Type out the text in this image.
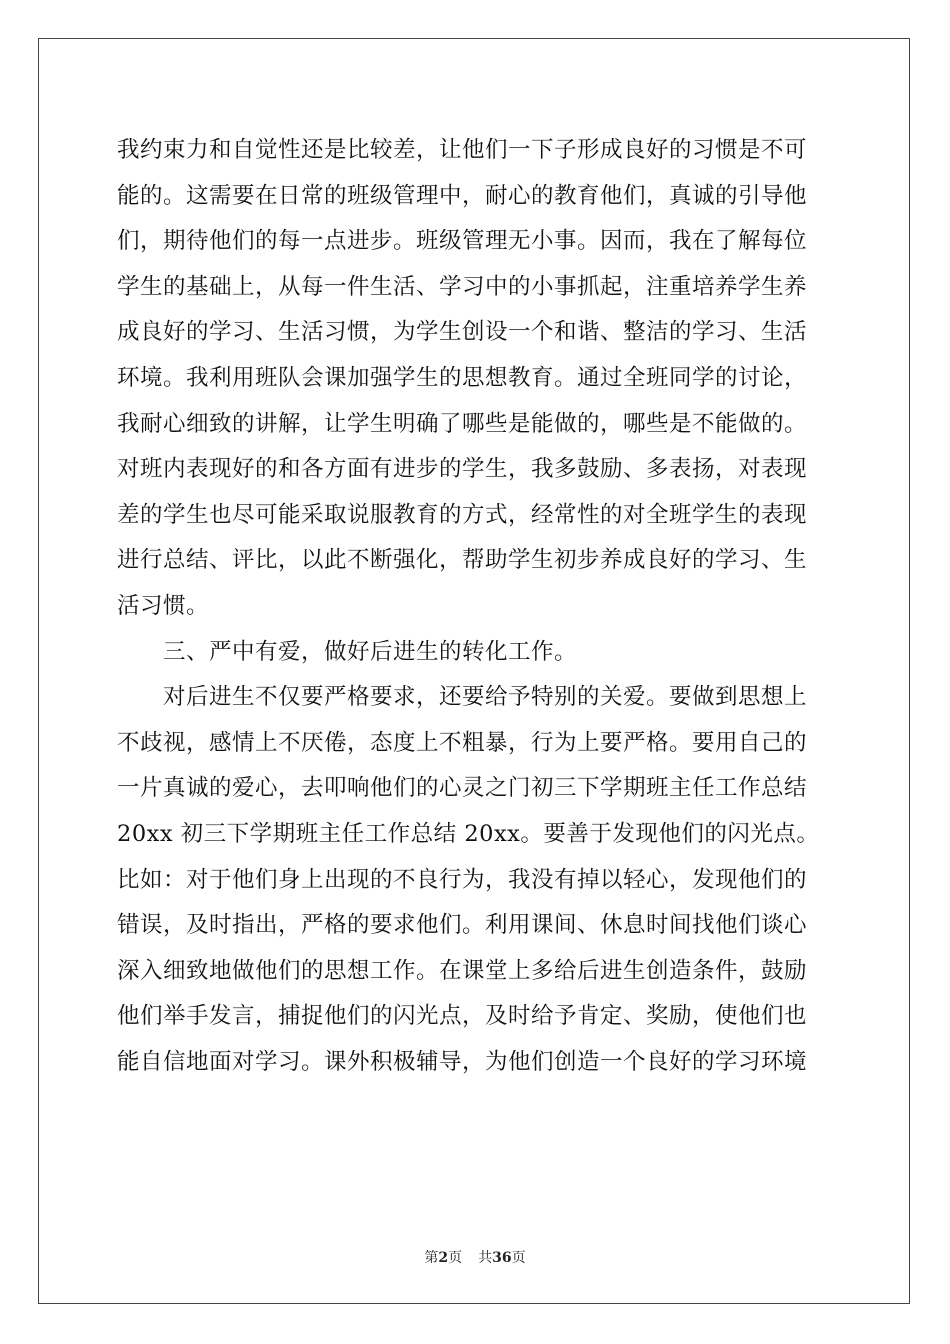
我约束力和自觉性还是比较差，让他们一下子形成良好的习惯是不可
能的。这需要在日常的班级管理中，耐心的教育他们，真诚的引导他
们，期待他们的每一点进步。班级管理无小事。因而，我在了解每位
学生的基础上，从每一件生活、学习中的小事抓起，注重培养学生养
成良好的学习、生活习惯，为学生创设一个和谐、整洁的学习、生活
环境。我利用班队会课加强学生的思想教育。通过全班同学的讨论，
我耐心细致的讲解，让学生明确了哪些是能做的，哪些是不能做的。
对班内表现好的和各方面有进步的学生，我多鼓励、多表扬，对表现
差的学生也尽可能采取说服教育的方式，经常性的对全班学生的表现
进行总结、评比，以此不断强化，帮助学生初步养成良好的学习、生
活习惯。
三、严中有爱，做好后进生的转化工作。
对后进生不仅要严格要求，还要给予特别的关爱。要做到思想上
不歧视，感情上不厌倦，态度上不粗暴，行为上要严格。要用自己的
一片真诚的爱心，去叩响他们的心灵之门初三下学期班主任工作总结
20xx 初三下学期班主任工作总结 20xx。要善于发现他们的闪光点。
比如：对于他们身上出现的不良行为，我没有掉以轻心，发现他们的
错误，及时指出，严格的要求他们。利用课间、休息时间找他们谈心
深入细致地做他们的思想工作。在课堂上多给后进生创造条件，鼓励
他们举手发言，捕捉他们的闪光点，及时给予肯定、奖励，使他们也
能自信地面对学习。课外积极辅导，为他们创造一个良好的学习环境
第2页 共36页
